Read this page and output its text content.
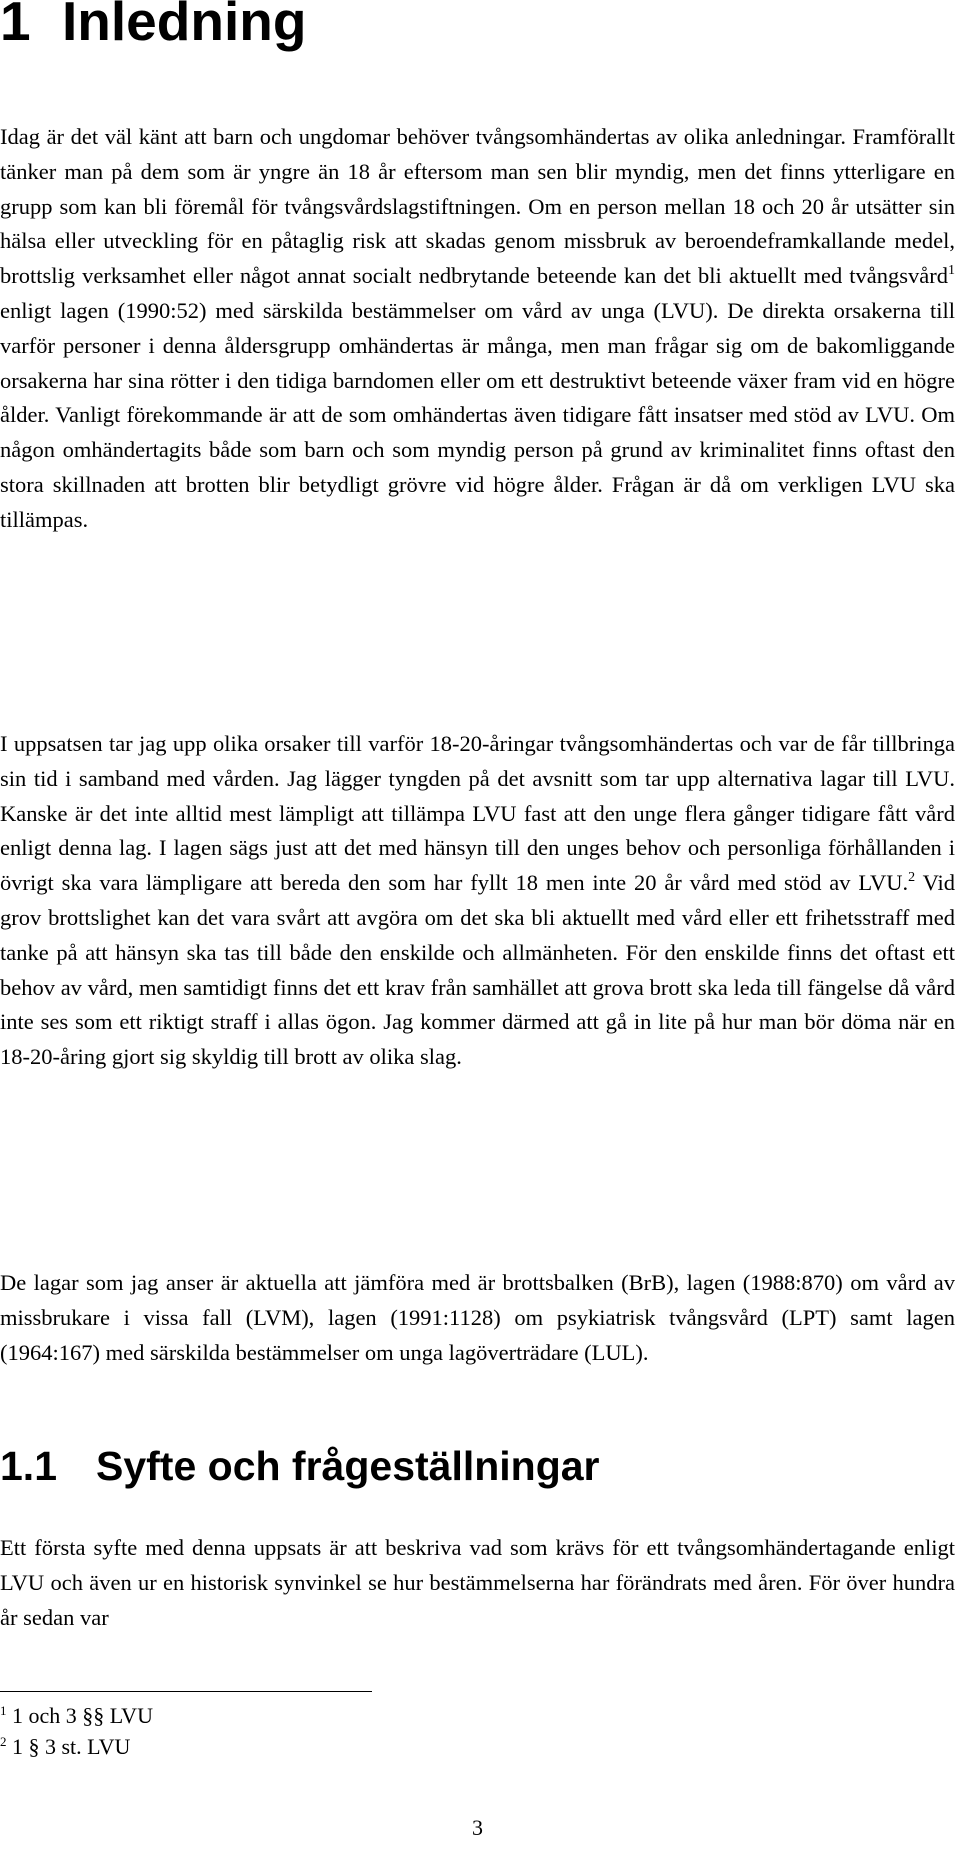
1 Inledning

Idag är det väl känt att barn och ungdomar behöver tvångsomhändertas av olika anledningar. Framförallt tänker man på dem som är yngre än 18 år eftersom man sen blir myndig, men det finns ytterligare en grupp som kan bli föremål för tvångsvårdslagstiftningen. Om en person mellan 18 och 20 år utsätter sin hälsa eller utveckling för en påtaglig risk att skadas genom missbruk av beroendeframkallande medel, brottslig verksamhet eller något annat socialt nedbrytande beteende kan det bli aktuellt med tvångsvård$^1$ enligt lagen (1990:52) med särskilda bestämmelser om vård av unga (LVU). De direkta orsakerna till varför personer i denna åldersgrupp omhändertas är många, men man frågar sig om de bakomliggande orsakerna har sina rötter i den tidiga barndomen eller om ett destruktivt beteende växer fram vid en högre ålder. Vanligt förekommande är att de som omhändertas även tidigare fått insatser med stöd av LVU. Om någon omhändertagits både som barn och som myndig person på grund av kriminalitet finns oftast den stora skillnaden att brotten blir betydligt grövre vid högre ålder. Frågan är då om verkligen LVU ska tillämpas.

I uppsatsen tar jag upp olika orsaker till varför 18-20-åringar tvångsomhändertas och var de får tillbringa sin tid i samband med vården. Jag lägger tyngden på det avsnitt som tar upp alternativa lagar till LVU. Kanske är det inte alltid mest lämpligt att tillämpa LVU fast att den unge flera gånger tidigare fått vård enligt denna lag. I lagen sägs just att det med hänsyn till den unges behov och personliga förhållanden i övrigt ska vara lämpligare att bereda den som har fyllt 18 men inte 20 år vård med stöd av LVU.$^2$ Vid grov brottslighet kan det vara svårt att avgöra om det ska bli aktuellt med vård eller ett frihetsstraff med tanke på att hänsyn ska tas till både den enskilde och allmänheten. För den enskilde finns det oftast ett behov av vård, men samtidigt finns det ett krav från samhället att grova brott ska leda till fängelse då vård inte ses som ett riktigt straff i allas ögon. Jag kommer därmed att gå in lite på hur man bör döma när en 18-20-åring gjort sig skyldig till brott av olika slag.

De lagar som jag anser är aktuella att jämföra med är brottsbalken (BrB), lagen (1988:870) om vård av missbrukare i vissa fall (LVM), lagen (1991:1128) om psykiatrisk tvångsvård (LPT) samt lagen (1964:167) med särskilda bestämmelser om unga lagöverträdare (LUL).

1.1 Syfte och frågeställningar

Ett första syfte med denna uppsats är att beskriva vad som krävs för ett tvångsomhändertagande enligt LVU och även ur en historisk synvinkel se hur bestämmelserna har förändrats med åren. För över hundra år sedan var

$^1$ 1 och 3 §§ LVU
$^2$ 1 § 3 st. LVU
3
